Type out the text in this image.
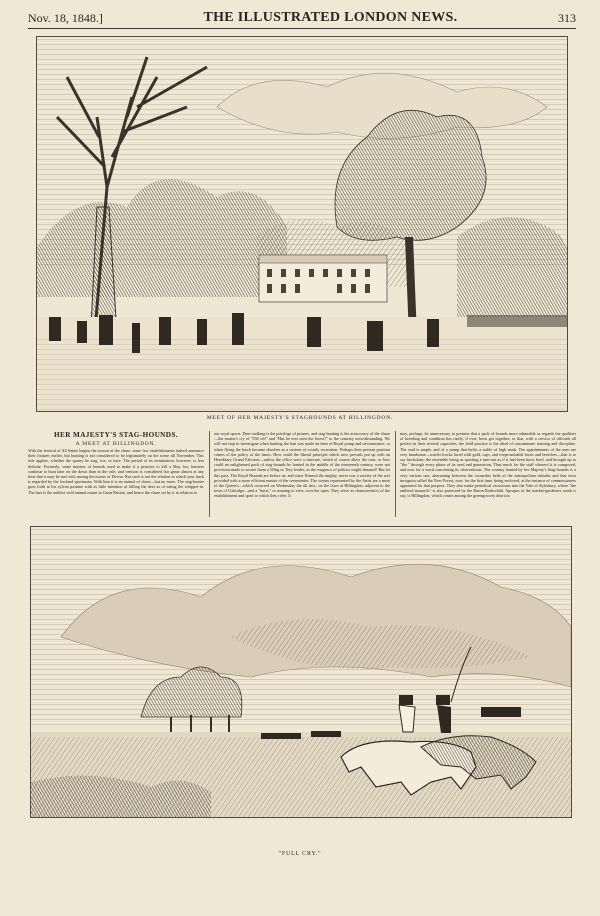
Nov. 18, 1848.]	THE ILLUSTRATED LONDON NEWS.	313
MEET OF HER MAJESTY'S STAGHOUNDS AT HILLINGDON.
HER MAJESTY'S STAG-HOUNDS.
A MEET AT HILLINGDON.
With the festival of All Saints begins the season of the chase: some few establishments indeed announce their fixtures earlier, but hunting is not considered to be legitimately on the scene till November. This rule applies, whether the quarry be stag, fox, or hare. The period of its termination, however, is less definite. Formerly, some masters of hounds used to make it a practice to kill a May fox; harriers continue to hunt later on the down than in the vale; and venison is considered fair game almost at any time that it may be met with among the moors of Devon. But such is not the relation in which your buck is regarded by the lowland sportsman. With him it is an animal of chase—but no more. The stag-hunter goes forth to his sylvan pastime with as little intention of killing the deer as of eating the whipper-in. The hart is the noblest wild animal extant in Great Britain, and hence the chase set by it in relation to
our royal sports. Deer-stalking is the privilege of princes, and stag-hunting is the aristocracy of the chase—the master's cry of "Oh! oh!" and "Has he ever seen the forest?" to the contrary notwithstanding. We will not stop to investigate when hunting the hart was made an item of Royal pomp and circumstance, or when flying the hawk became obsolete as a custom of courtly recreation. Perhaps their present position comes of the policy of the times. How could the liberal principle which now prevails put up with an Hereditary Grand Falconer—unless the office were a sinecure, which of course alters the case; or how could an enlightened pack of stag-hounds be hunted in the middle of the nineteenth century, were not provision made to secure them a Whig or Tory leader, as the exigence of politics might demand? But let this pass. The Royal Hounds are before us; and since Nimrod the mighty, never was a society of the sort provided with a more efficient master of the ceremonies. The scenes represented by the Artist are a meet of the Queen's—which occurred on Wednesday the ult inst., on the lawn at Hillingdon, adjacent to the town of Uxbridge—and a "burst," or running to view, over the open. They serve as characteristics of the establishment and sport to which they refer. It
may, perhaps, be unnecessary to premise that a pack of hounds more admirable as regards the qualities of breeding and condition has rarely, if ever, been got together; or that, with a service of officials all perfect in their several capacities, the field practice is the ideal of consummate training and discipline. The stud is ample, and of a stamp that befits a stable of high mark. The appointments of the men are very handsome—scarlet frocks laced with gold, caps, and irreproachable boots and breeches—that is to say buckskins; the ensemble being as sporting a turn-out as if it had been born, bred, and brought up to "the." through every phase of its seed and generation. Thus much for the staff whereof it is composed, and now for a word concerning its whereabouts. The country hunted by her Majesty's Stag-hounds is a very various one, alternating between the cucumber beds of the metropolitan suburbs and that terra incognita called the New Forest, now, for the first time, being enclosed, at the instance of commissioners appointed for that purpose. They also make periodical excursions into the Vale of Aylesbury, where "the antlered monarch" is also protected by the Baron Rothschild. Apropos of the market-gardeners south is say, is Hillingdon, which comes among the greengrocery districts
"FULL CRY."
